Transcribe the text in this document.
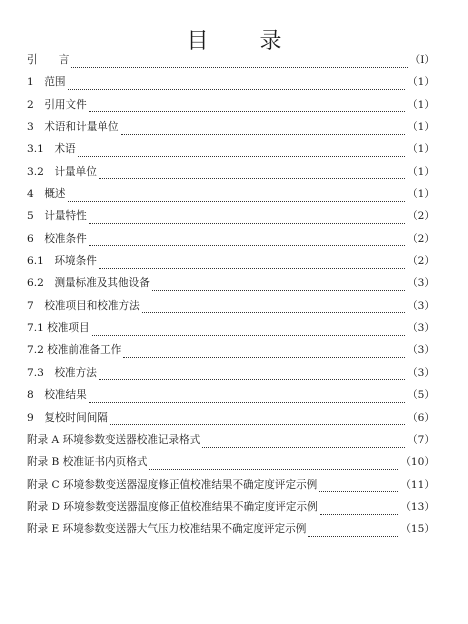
目 录
引　　言	（I）
1　范围	（1）
2　引用文件	（1）
3　术语和计量单位	（1）
3.1　术语	（1）
3.2　计量单位	（1）
4　概述	（1）
5　计量特性	（2）
6　校准条件	（2）
6.1　环境条件	（2）
6.2　测量标准及其他设备	（3）
7　校准项目和校准方法	（3）
7.1 校准项目	（3）
7.2 校准前准备工作	（3）
7.3　校准方法	（3）
8　校准结果	（5）
9　复校时间间隔	（6）
附录 A 环境参数变送器校准记录格式	（7）
附录 B 校准证书内页格式	（10）
附录 C 环境参数变送器湿度修正值校准结果不确定度评定示例	（11）
附录 D 环境参数变送器温度修正值校准结果不确定度评定示例	（13）
附录 E 环境参数变送器大气压力校准结果不确定度评定示例	（15）
